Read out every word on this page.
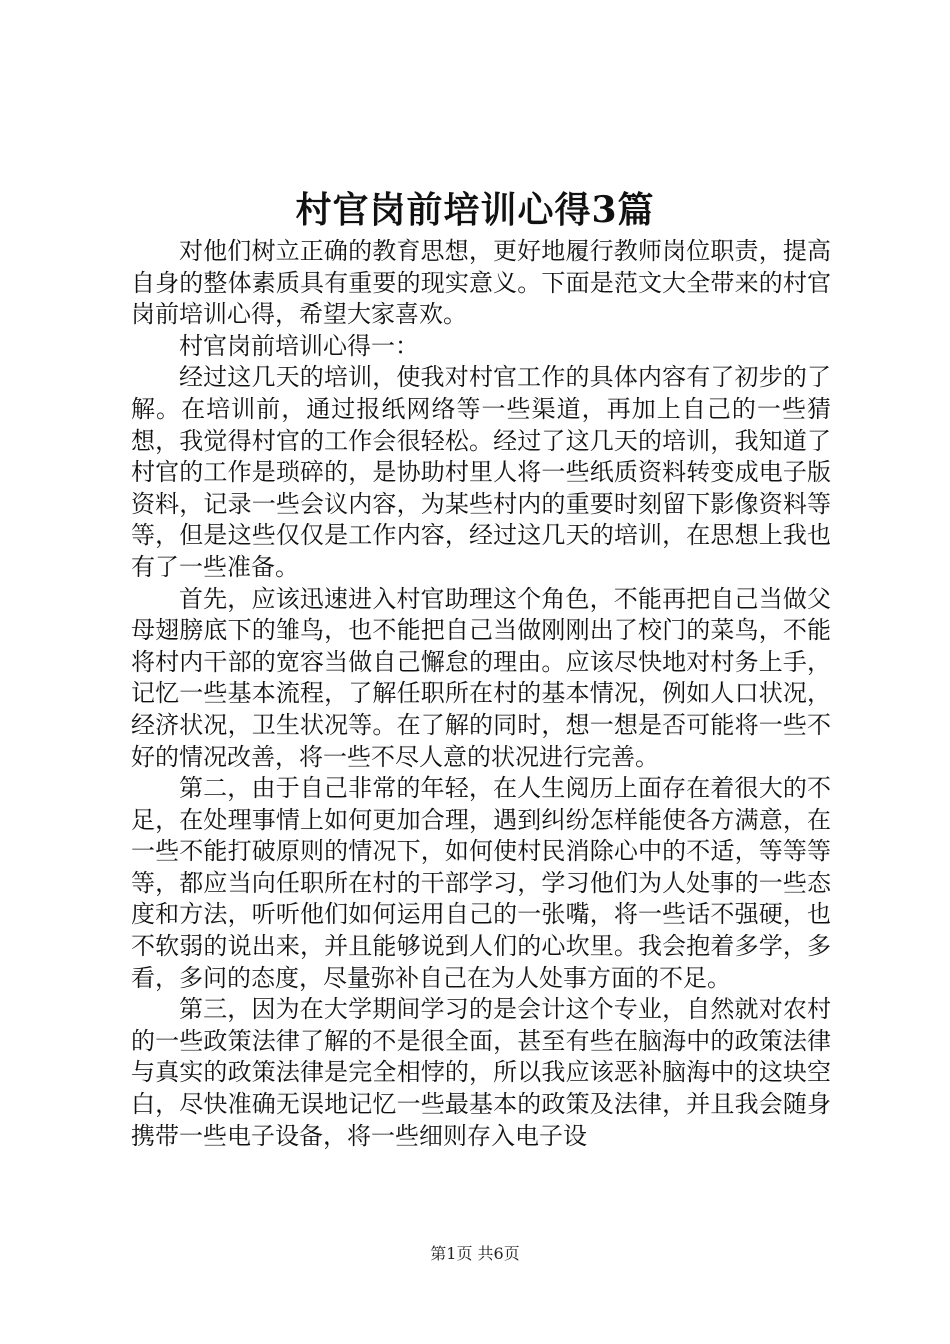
村官岗前培训心得3篇

对他们树立正确的教育思想，更好地履行教师岗位职责，提高自身的整体素质具有重要的现实意义。下面是范文大全带来的村官岗前培训心得，希望大家喜欢。

村官岗前培训心得一：

经过这几天的培训，使我对村官工作的具体内容有了初步的了解。在培训前，通过报纸网络等一些渠道，再加上自己的一些猜想，我觉得村官的工作会很轻松。经过了这几天的培训，我知道了村官的工作是琐碎的，是协助村里人将一些纸质资料转变成电子版资料，记录一些会议内容，为某些村内的重要时刻留下影像资料等等，但是这些仅仅是工作内容，经过这几天的培训，在思想上我也有了一些准备。

首先，应该迅速进入村官助理这个角色，不能再把自己当做父母翅膀底下的雏鸟，也不能把自己当做刚刚出了校门的菜鸟，不能将村内干部的宽容当做自己懈怠的理由。应该尽快地对村务上手，记忆一些基本流程，了解任职所在村的基本情况，例如人口状况，经济状况，卫生状况等。在了解的同时，想一想是否可能将一些不好的情况改善，将一些不尽人意的状况进行完善。

第二，由于自己非常的年轻，在人生阅历上面存在着很大的不足，在处理事情上如何更加合理，遇到纠纷怎样能使各方满意，在一些不能打破原则的情况下，如何使村民消除心中的不适，等等等等，都应当向任职所在村的干部学习，学习他们为人处事的一些态度和方法，听听他们如何运用自己的一张嘴，将一些话不强硬，也不软弱的说出来，并且能够说到人们的心坎里。我会抱着多学，多看，多问的态度，尽量弥补自己在为人处事方面的不足。

第三，因为在大学期间学习的是会计这个专业，自然就对农村的一些政策法律了解的不是很全面，甚至有些在脑海中的政策法律与真实的政策法律是完全相悖的，所以我应该恶补脑海中的这块空白，尽快准确无误地记忆一些最基本的政策及法律，并且我会随身携带一些电子设备，将一些细则存入电子设

第1页 共6页
